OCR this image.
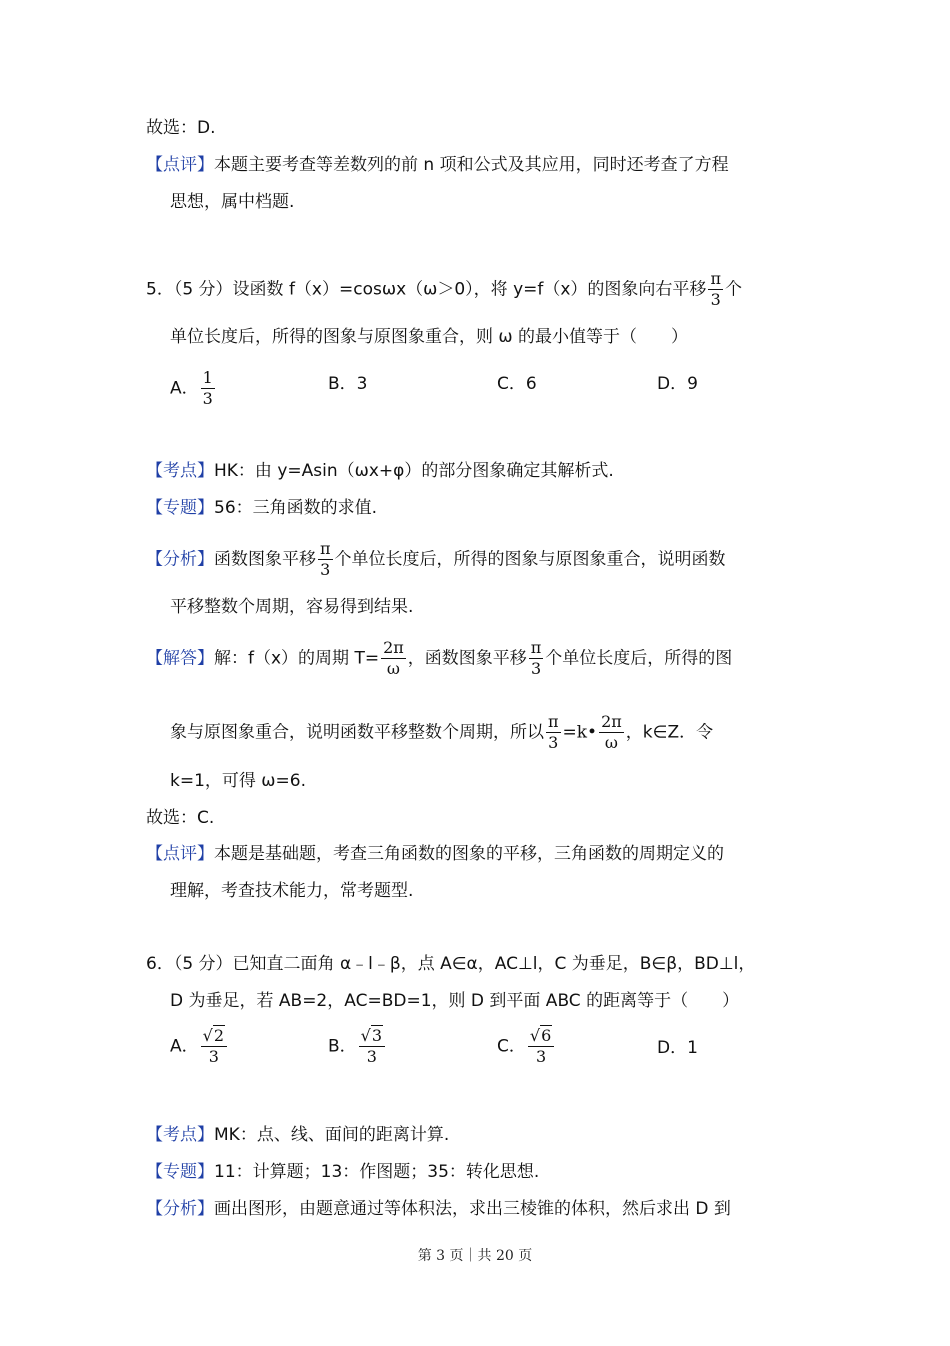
故选：D.
【点评】本题主要考查等差数列的前 n 项和公式及其应用，同时还考查了方程
思想，属中档题.
5．（5 分）设函数 f（x）=cosωx（ω＞0），将 y=f（x）的图象向右平移 $\frac{\pi}{3}$ 个
单位长度后，所得的图象与原图象重合，则 ω 的最小值等于（　　）
A． $\frac{1}{3}$	B．3	C．6	D．9
【考点】HK：由 y=Asin（ωx+φ）的部分图象确定其解析式.
【专题】56：三角函数的求值.
【分析】函数图象平移 $\frac{\pi}{3}$ 个单位长度后，所得的图象与原图象重合，说明函数
平移整数个周期，容易得到结果.
【解答】解：f（x）的周期 $T= \frac{2\pi}{\omega}$ ，函数图象平移 $\frac{\pi}{3}$ 个单位长度后，所得的图
象与原图象重合，说明函数平移整数个周期，所以 $\frac{\pi}{3}$ =k• $\frac{2\pi}{\omega}$ ，k∈Z．令
k=1，可得 ω=6.
故选：C.
【点评】本题是基础题，考查三角函数的图象的平移，三角函数的周期定义的
理解，考查技术能力，常考题型.
6．（5 分）已知直二面角 α﹣l﹣β，点 A∈α，AC⊥l，C 为垂足，B∈β，BD⊥l，
D 为垂足，若 AB=2，AC=BD=1，则 D 到平面 ABC 的距离等于（　　）
A． $\frac{√2}{3}$	B． $\frac{√3}{3}$	C． $\frac{√6}{3}$	D．1
【考点】MK：点、线、面间的距离计算.
【专题】11：计算题；13：作图题；35：转化思想.
【分析】画出图形，由题意通过等体积法，求出三棱锥的体积，然后求出 D 到
第 3 页｜共 20 页
